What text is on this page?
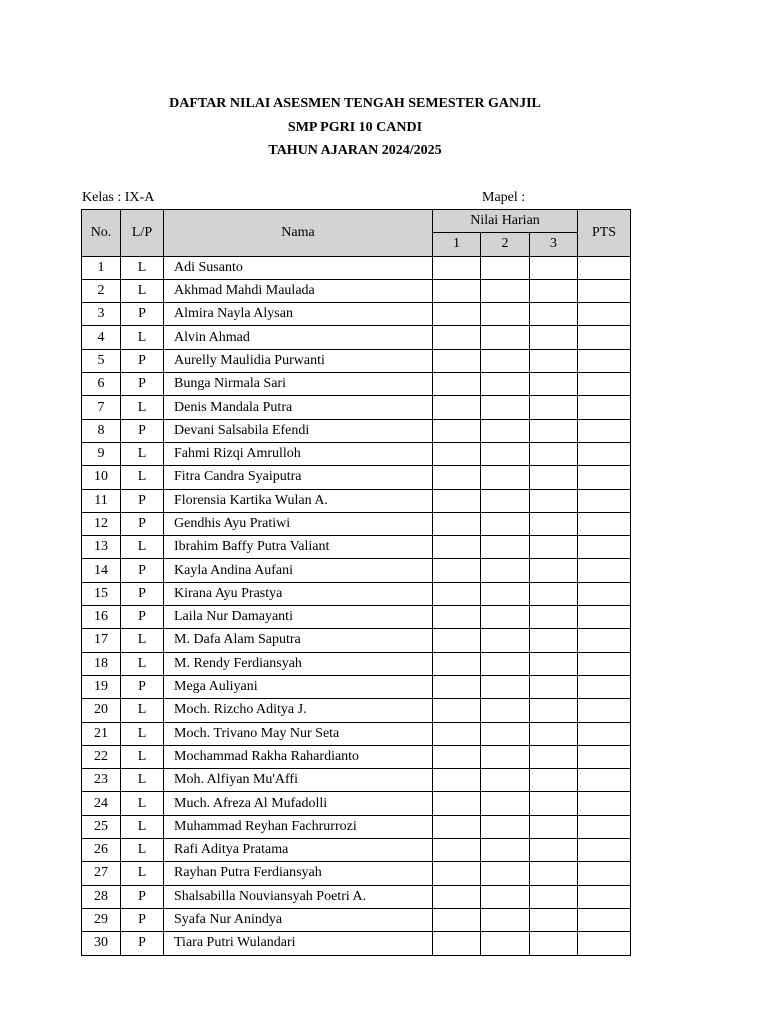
DAFTAR NILAI ASESMEN TENGAH SEMESTER GANJIL
SMP PGRI 10 CANDI
TAHUN AJARAN 2024/2025
Kelas : IX-A	Mapel :
No.	L/P	Nama	Nilai Harian			PTS
			1	2	3	
1	L	Adi Susanto				
2	L	Akhmad Mahdi Maulada				
3	P	Almira Nayla Alysan				
4	L	Alvin Ahmad				
5	P	Aurelly Maulidia Purwanti				
6	P	Bunga Nirmala Sari				
7	L	Denis Mandala Putra				
8	P	Devani Salsabila Efendi				
9	L	Fahmi Rizqi Amrulloh				
10	L	Fitra Candra Syaiputra				
11	P	Florensia Kartika Wulan A.				
12	P	Gendhis Ayu Pratiwi				
13	L	Ibrahim Baffy Putra Valiant				
14	P	Kayla Andina Aufani				
15	P	Kirana Ayu Prastya				
16	P	Laila Nur Damayanti				
17	L	M. Dafa Alam Saputra				
18	L	M. Rendy Ferdiansyah				
19	P	Mega Auliyani				
20	L	Moch. Rizcho Aditya J.				
21	L	Moch. Trivano May Nur Seta				
22	L	Mochammad Rakha Rahardianto				
23	L	Moh. Alfiyan Mu'Affi				
24	L	Much. Afreza Al Mufadolli				
25	L	Muhammad Reyhan Fachrurrozi				
26	L	Rafi Aditya Pratama				
27	L	Rayhan Putra Ferdiansyah				
28	P	Shalsabilla Nouviansyah Poetri A.				
29	P	Syafa Nur Anindya				
30	P	Tiara Putri Wulandari				
